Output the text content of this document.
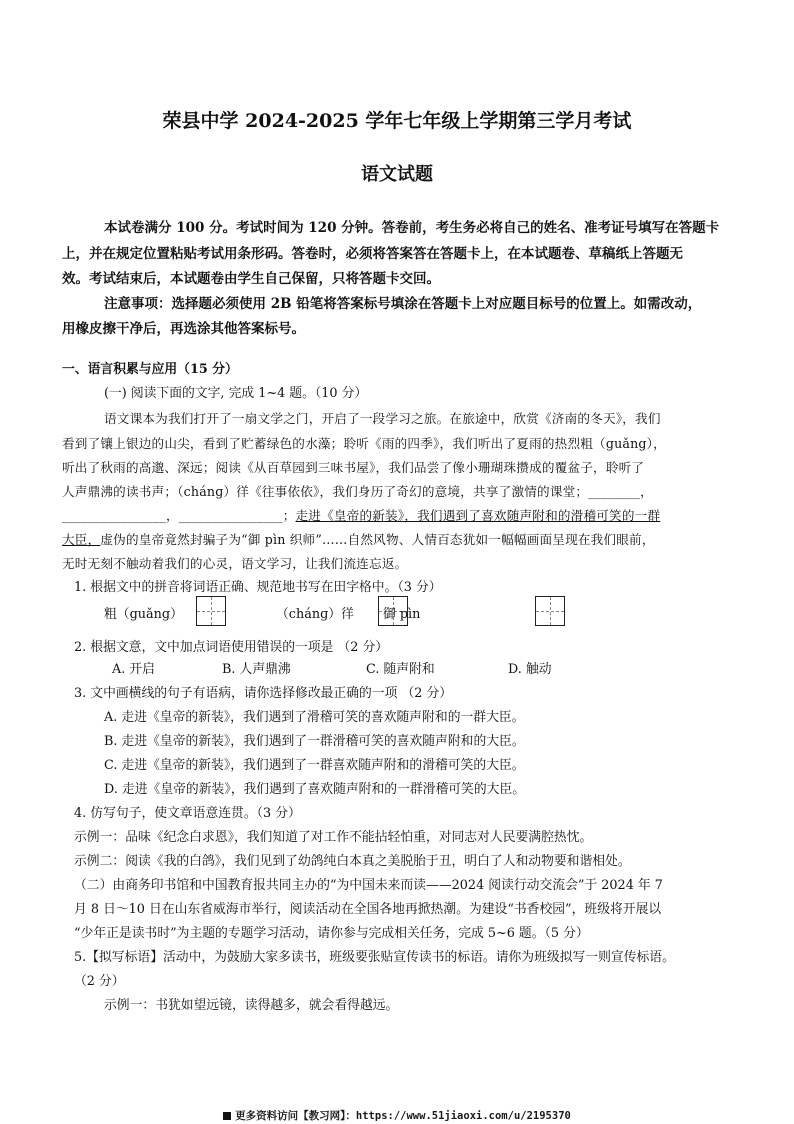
荣县中学 2024-2025 学年七年级上学期第三学月考试
语文试题
本试卷满分 100 分。考试时间为 120 分钟。答卷前，考生务必将自己的姓名、准考证号填写在答题卡
上，并在规定位置粘贴考试用条形码。答卷时，必须将答案答在答题卡上，在本试题卷、草稿纸上答题无
效。考试结束后，本试题卷由学生自己保留，只将答题卡交回。
注意事项：选择题必须使用 2B 铅笔将答案标号填涂在答题卡上对应题目标号的位置上。如需改动，
用橡皮擦干净后，再选涂其他答案标号。
一、语言积累与应用（15 分）
(一) 阅读下面的文字, 完成 1~4 题。（10 分）
语文课本为我们打开了一扇文学之门，开启了一段学习之旅。在旅途中，欣赏《济南的冬天》，我们
看到了镶上银边的山尖，看到了贮蓄绿色的水藻；聆听《雨的四季》，我们听出了夏雨的热烈粗（guǎng），
听出了秋雨的高邈、深远；阅读《从百草园到三味书屋》，我们品尝了像小珊瑚珠攒成的覆盆子，聆听了
人声鼎沸的读书声；（chánɡ）徉《往事依依》，我们身历了奇幻的意境，共享了激情的课堂；________，
________________，________________；走进《皇帝的新装》，我们遇到了喜欢随声附和的滑稽可笑的一群
大臣，虚伪的皇帝竟然封骗子为“御 pìn 织师”……自然风物、人情百态犹如一幅幅画面呈现在我们眼前，
无时无刻不触动着我们的心灵，语文学习，让我们流连忘返。
1. 根据文中的拼音将词语正确、规范地书写在田字格中。（3 分）
粗（guǎng）	（chánɡ）徉 御 pìn
2. 根据文意，文中加点词语使用错误的一项是 （2 分）
A. 开启	B. 人声鼎沸	C. 随声附和	D. 触动
3. 文中画横线的句子有语病，请你选择修改最正确的一项 （2 分）
A. 走进《皇帝的新装》，我们遇到了滑稽可笑的喜欢随声附和的一群大臣。
B. 走进《皇帝的新装》，我们遇到了一群滑稽可笑的喜欢随声附和的大臣。
C. 走进《皇帝的新装》，我们遇到了一群喜欢随声附和的滑稽可笑的大臣。
D. 走进《皇帝的新装》，我们遇到了喜欢随声附和的一群滑稽可笑的大臣。
4. 仿写句子，使文章语意连贯。（3 分）
示例一：品味《纪念白求恩》，我们知道了对工作不能拈轻怕重，对同志对人民要满腔热忱。
示例二：阅读《我的白鸽》，我们见到了幼鸽纯白本真之美脱胎于丑，明白了人和动物要和谐相处。
（二）由商务印书馆和中国教育报共同主办的“为中国未来而读——2024 阅读行动交流会”于 2024 年 7
月 8 日～10 日在山东省威海市举行，阅读活动在全国各地再掀热潮。为建设“书香校园”，班级将开展以
“少年正是读书时”为主题的专题学习活动，请你参与完成相关任务，完成 5~6 题。（5 分）
5.【拟写标语】活动中，为鼓励大家多读书，班级要张贴宣传读书的标语。请你为班级拟写一则宣传标语。
（2 分）
示例一：书犹如望远镜，读得越多，就会看得越远。
更多资料访问【教习网】：https://www.51jiaoxi.com/u/2195370
